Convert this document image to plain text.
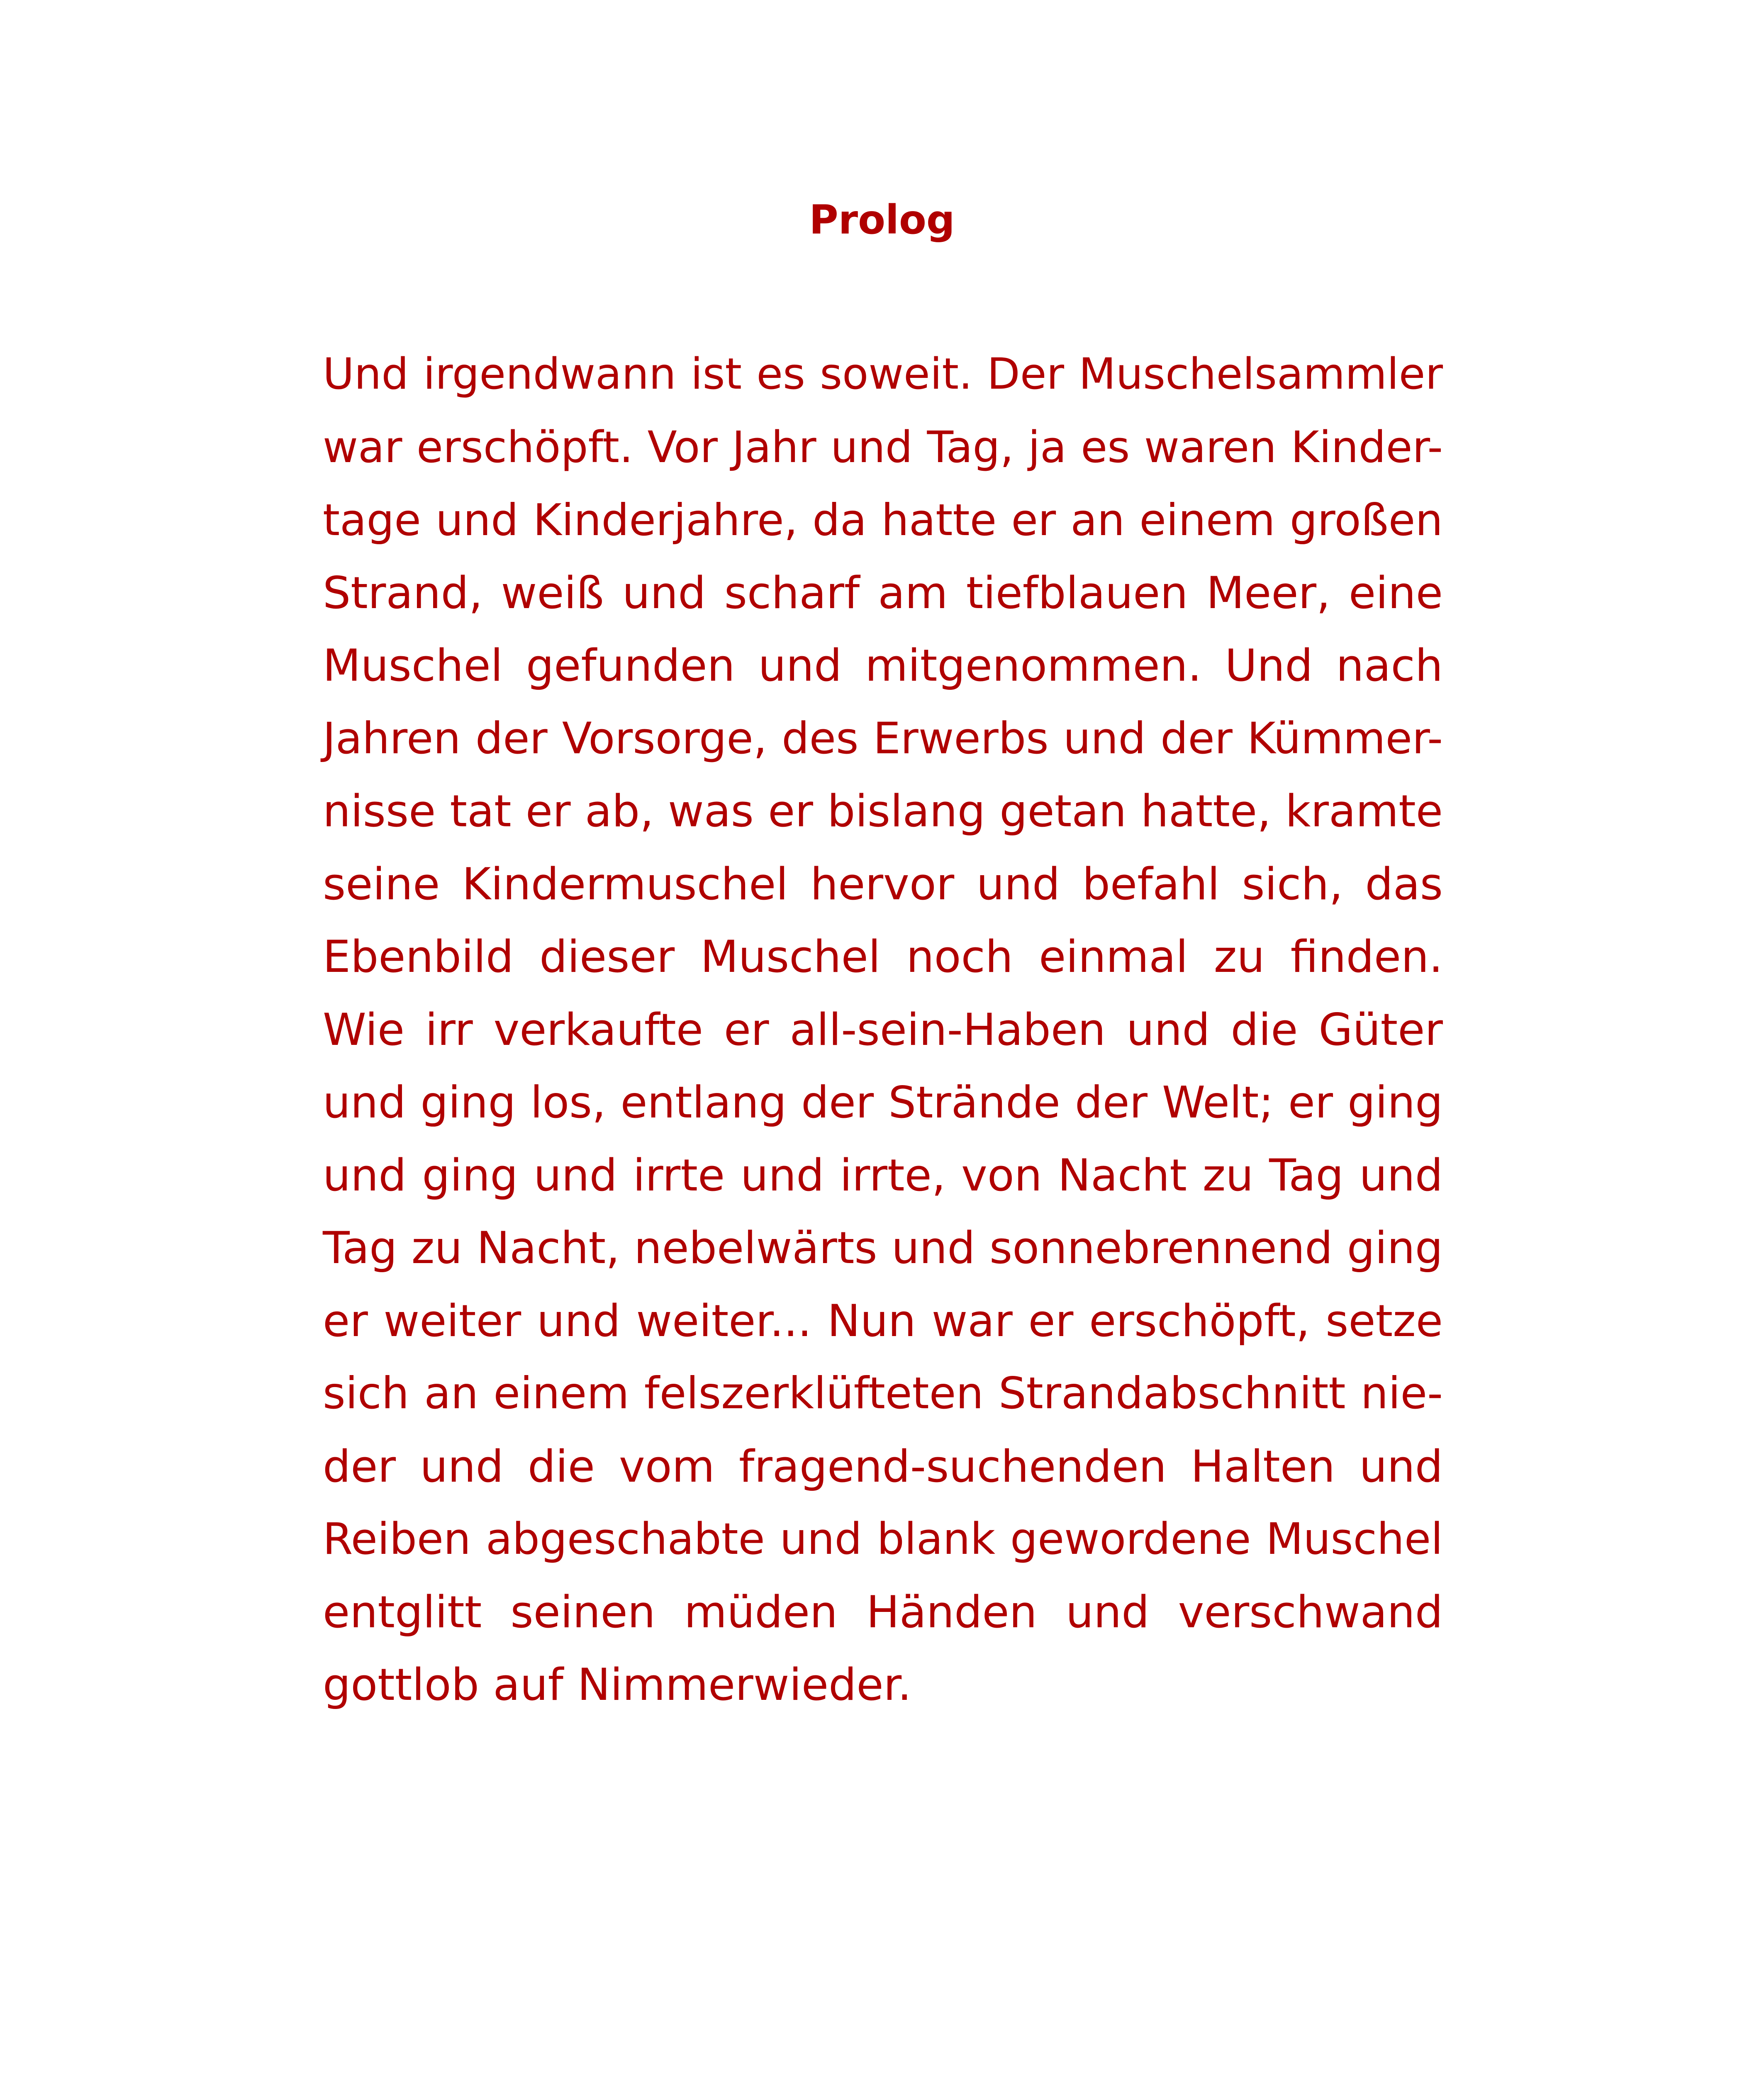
Prolog
Und irgendwann ist es soweit. Der Muschelsammler
war erschöpft. Vor Jahr und Tag, ja es waren Kinder-
tage und Kinderjahre, da hatte er an einem großen
Strand, weiß und scharf am tiefblauen Meer, eine
Muschel gefunden und mitgenommen. Und nach
Jahren der Vorsorge, des Erwerbs und der Kümmer-
nisse tat er ab, was er bislang getan hatte, kramte
seine Kindermuschel hervor und befahl sich, das
Ebenbild dieser Muschel noch einmal zu finden.
Wie irr verkaufte er all-sein-Haben und die Güter
und ging los, entlang der Strände der Welt; er ging
und ging und irrte und irrte, von Nacht zu Tag und
Tag zu Nacht, nebelwärts und sonnebrennend ging
er weiter und weiter... Nun war er erschöpft, setze
sich an einem felszerklüfteten Strandabschnitt nie-
der und die vom fragend-suchenden Halten und
Reiben abgeschabte und blank gewordene Muschel
entglitt seinen müden Händen und verschwand
gottlob auf Nimmerwieder.
